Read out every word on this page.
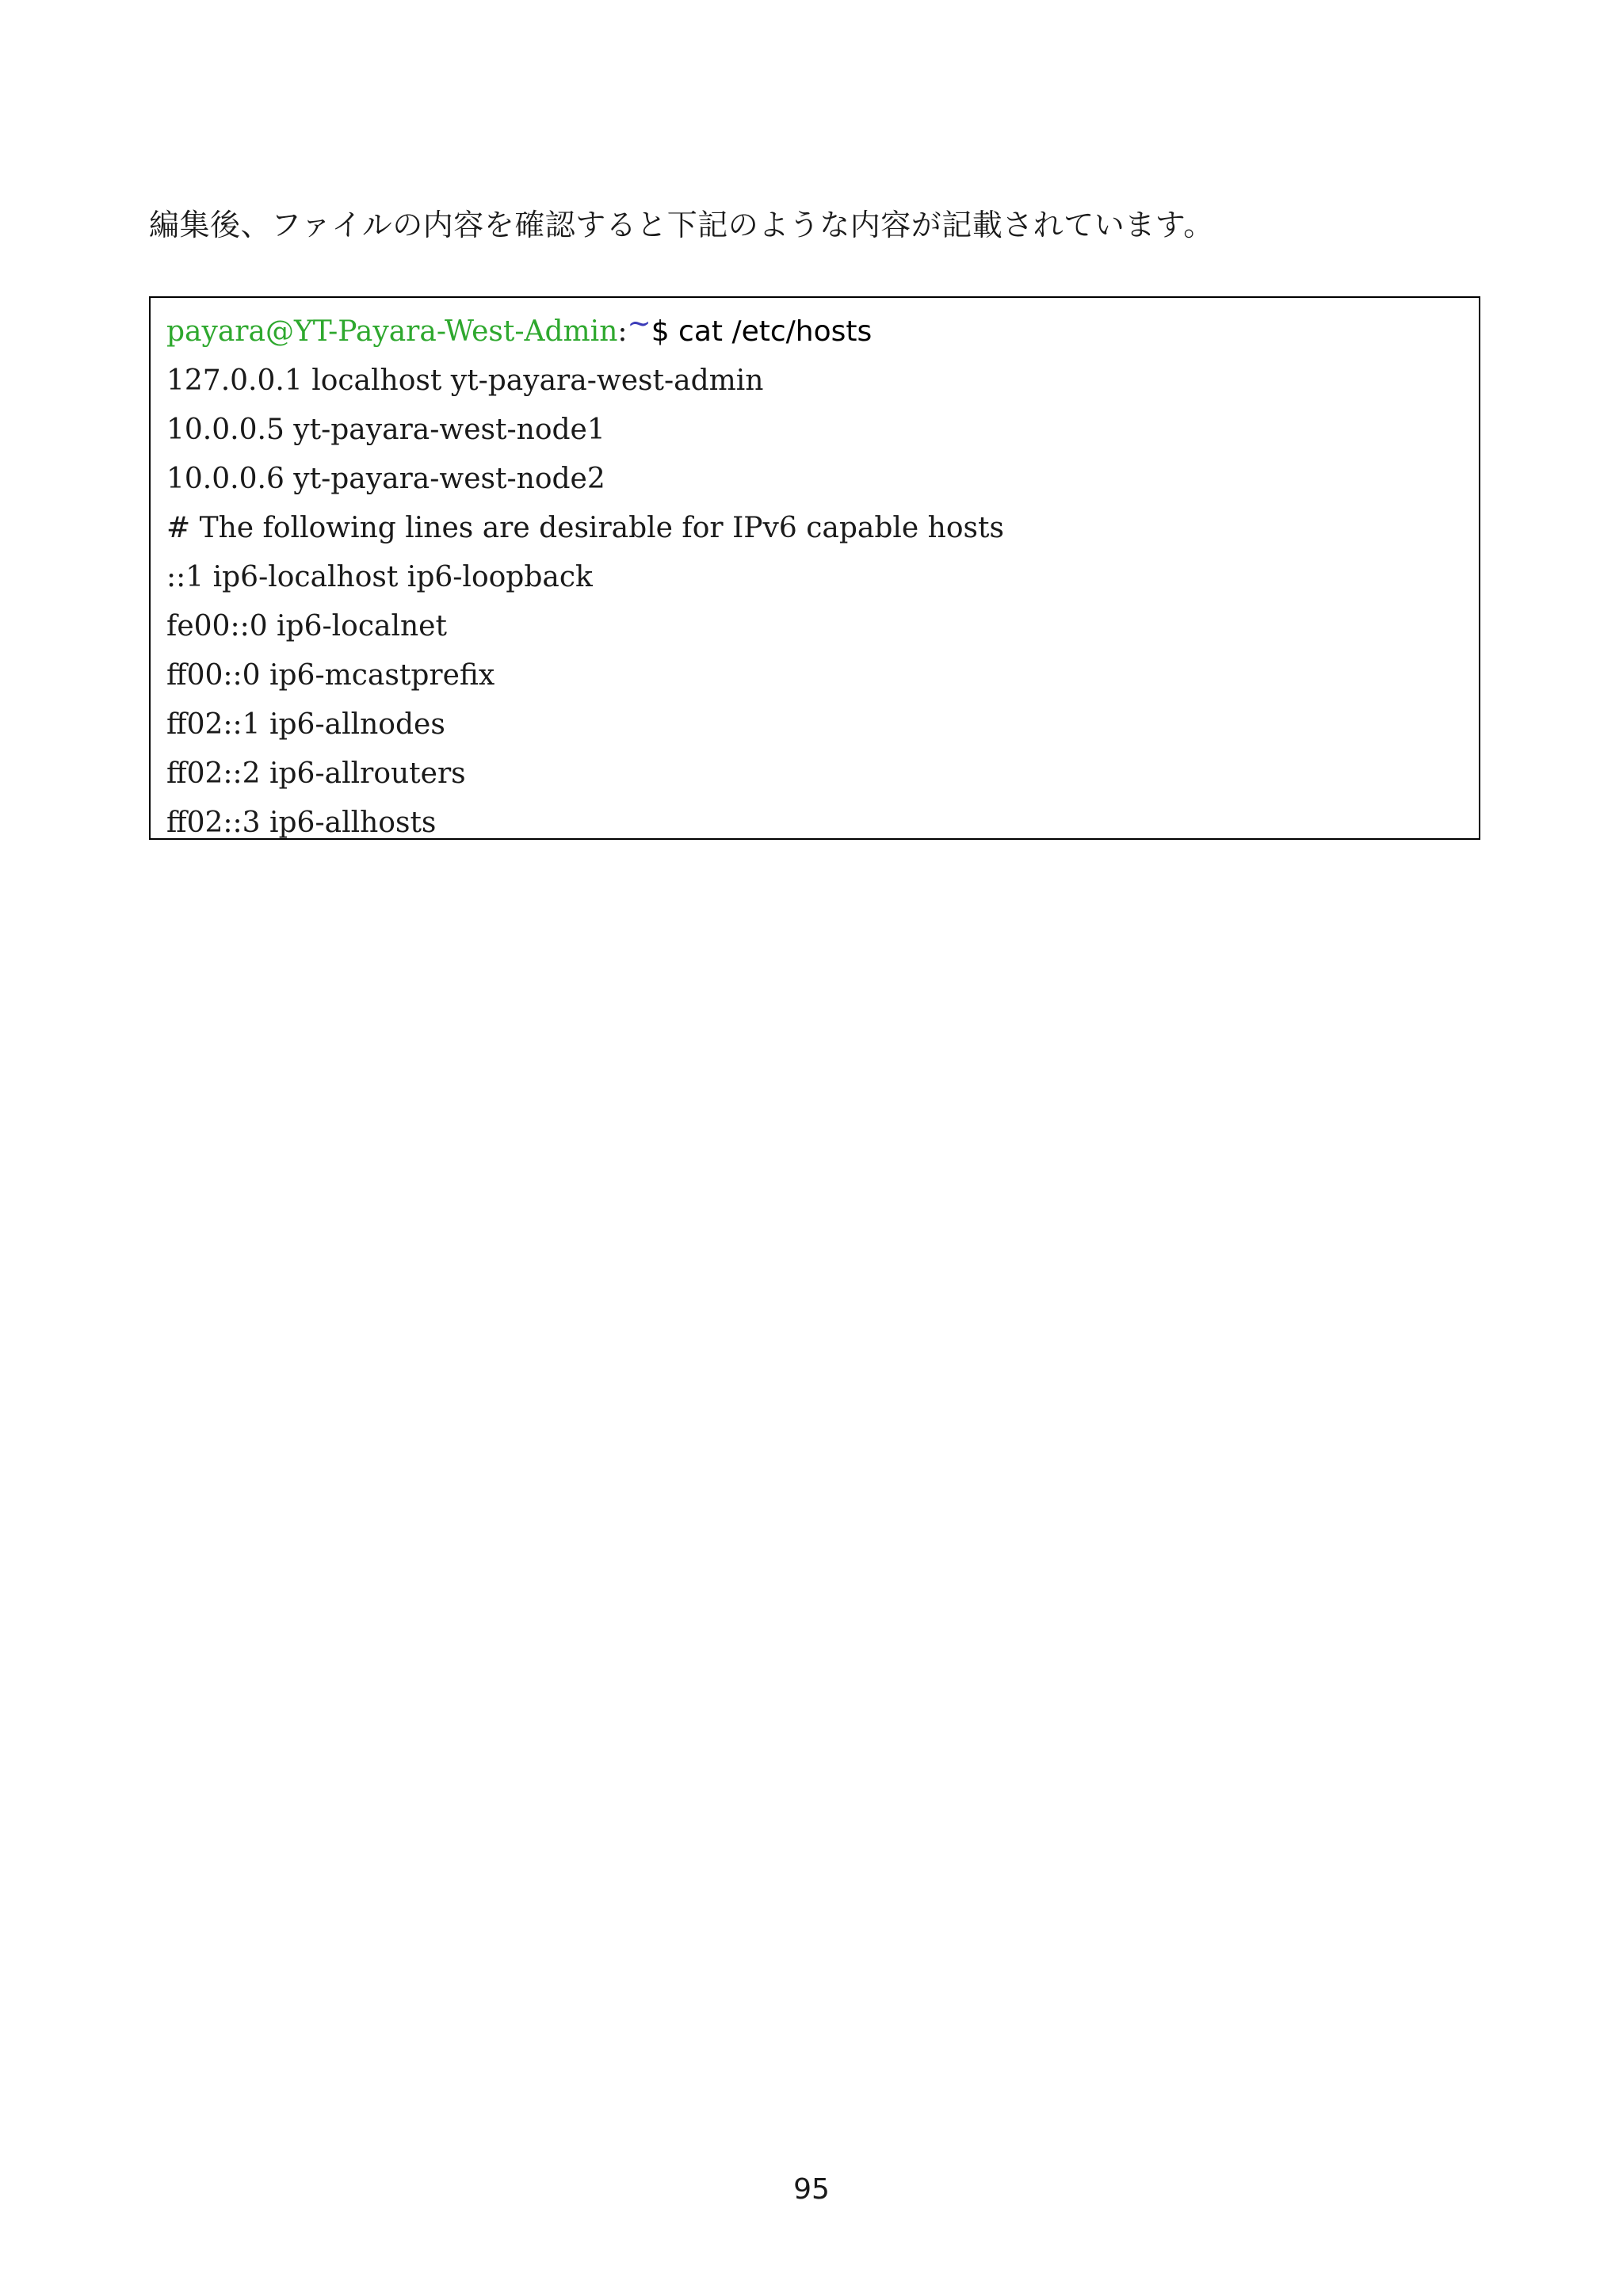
編集後、ファイルの内容を確認すると下記のような内容が記載されています。
payara@YT-Payara-West-Admin:~$ cat /etc/hosts
127.0.0.1 localhost yt-payara-west-admin
10.0.0.5 yt-payara-west-node1
10.0.0.6 yt-payara-west-node2
# The following lines are desirable for IPv6 capable hosts
::1 ip6-localhost ip6-loopback
fe00::0 ip6-localnet
ff00::0 ip6-mcastprefix
ff02::1 ip6-allnodes
ff02::2 ip6-allrouters
ff02::3 ip6-allhosts
95
